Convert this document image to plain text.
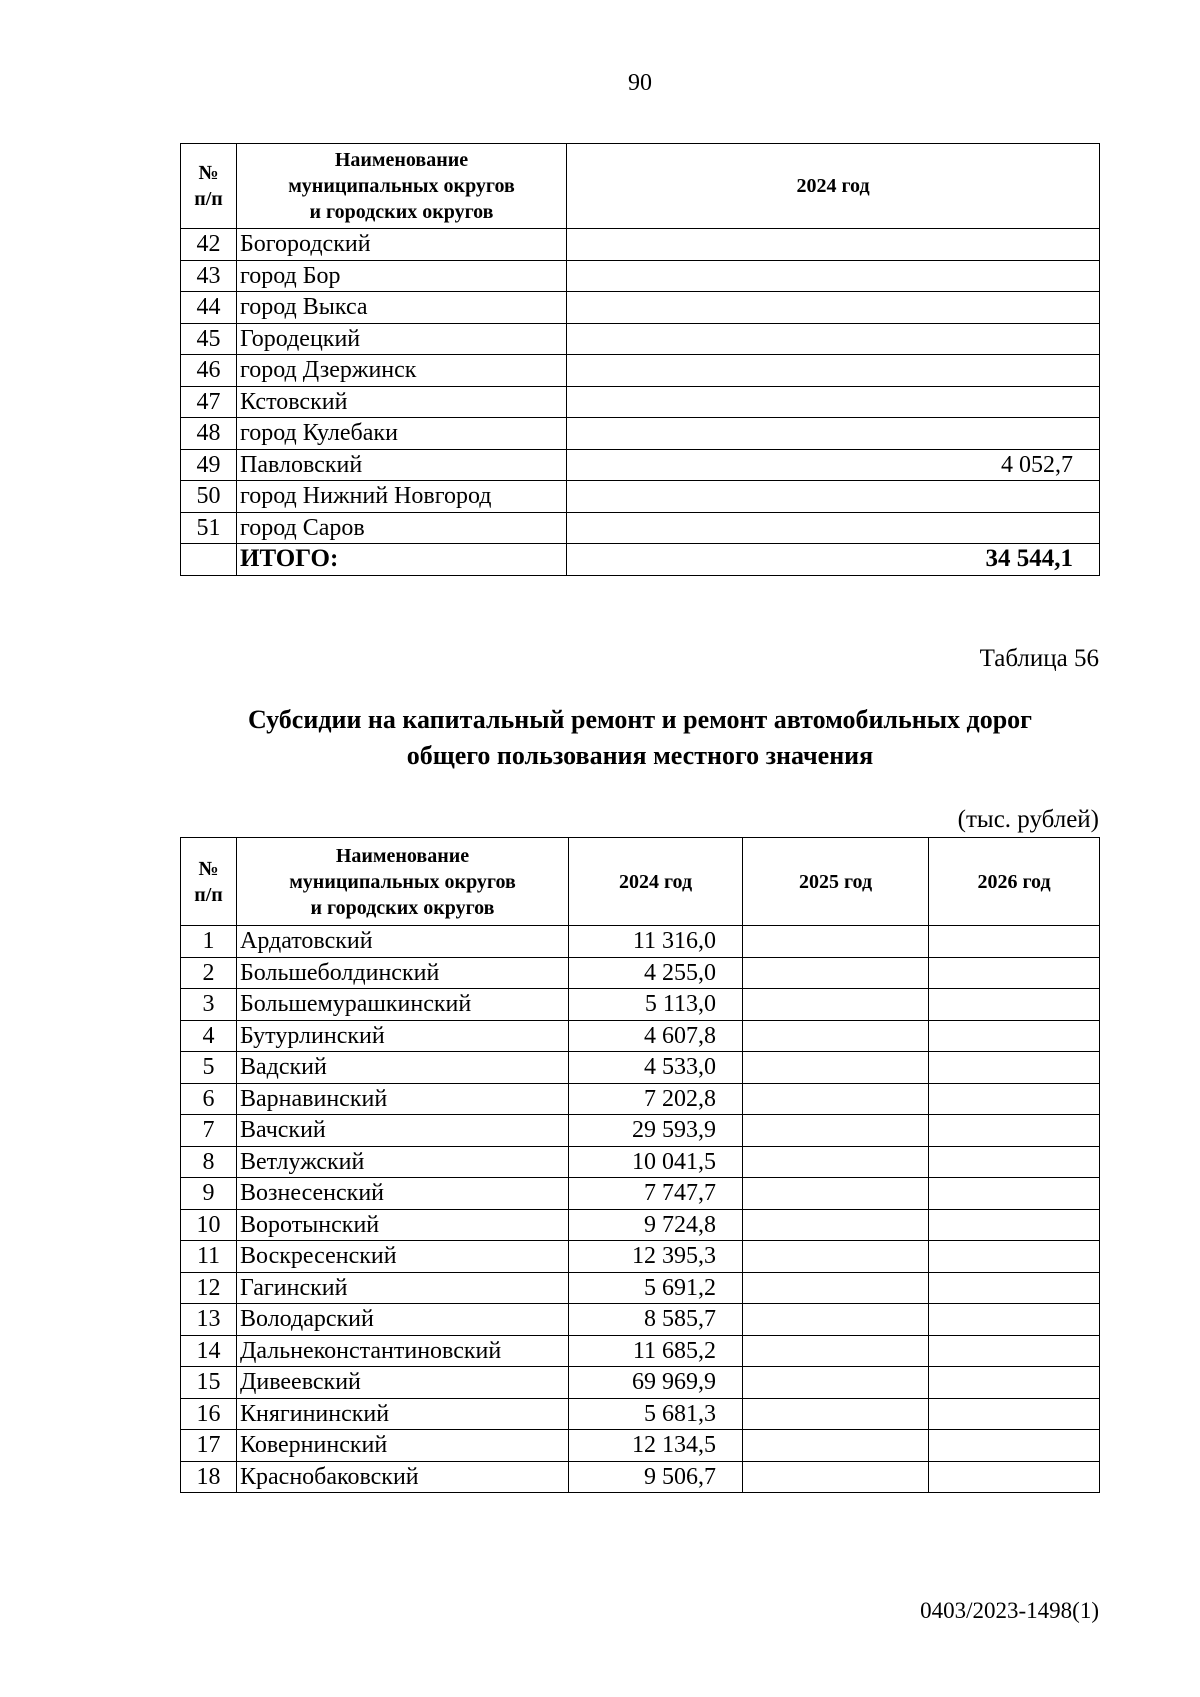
90
№
п/п	Наименование
муниципальных округов
и городских округов	2024 год
42	Богородский	
43	город Бор	
44	город Выкса	
45	Городецкий	
46	город Дзержинск	
47	Кстовский	
48	город Кулебаки	
49	Павловский	4 052,7
50	город Нижний Новгород	
51	город Саров	
	ИТОГО:	34 544,1
Таблица 56
Субсидии на капитальный ремонт и ремонт автомобильных дорог
общего пользования местного значения
(тыс. рублей)
№
п/п	Наименование
муниципальных округов
и городских округов	2024 год	2025 год	2026 год
1	Ардатовский	11 316,0		
2	Большеболдинский	4 255,0		
3	Большемурашкинский	5 113,0		
4	Бутурлинский	4 607,8		
5	Вадский	4 533,0		
6	Варнавинский	7 202,8		
7	Вачский	29 593,9		
8	Ветлужский	10 041,5		
9	Вознесенский	7 747,7		
10	Воротынский	9 724,8		
11	Воскресенский	12 395,3		
12	Гагинский	5 691,2		
13	Володарский	8 585,7		
14	Дальнеконстантиновский	11 685,2		
15	Дивеевский	69 969,9		
16	Княгининский	5 681,3		
17	Ковернинский	12 134,5		
18	Краснобаковский	9 506,7		
0403/2023-1498(1)
